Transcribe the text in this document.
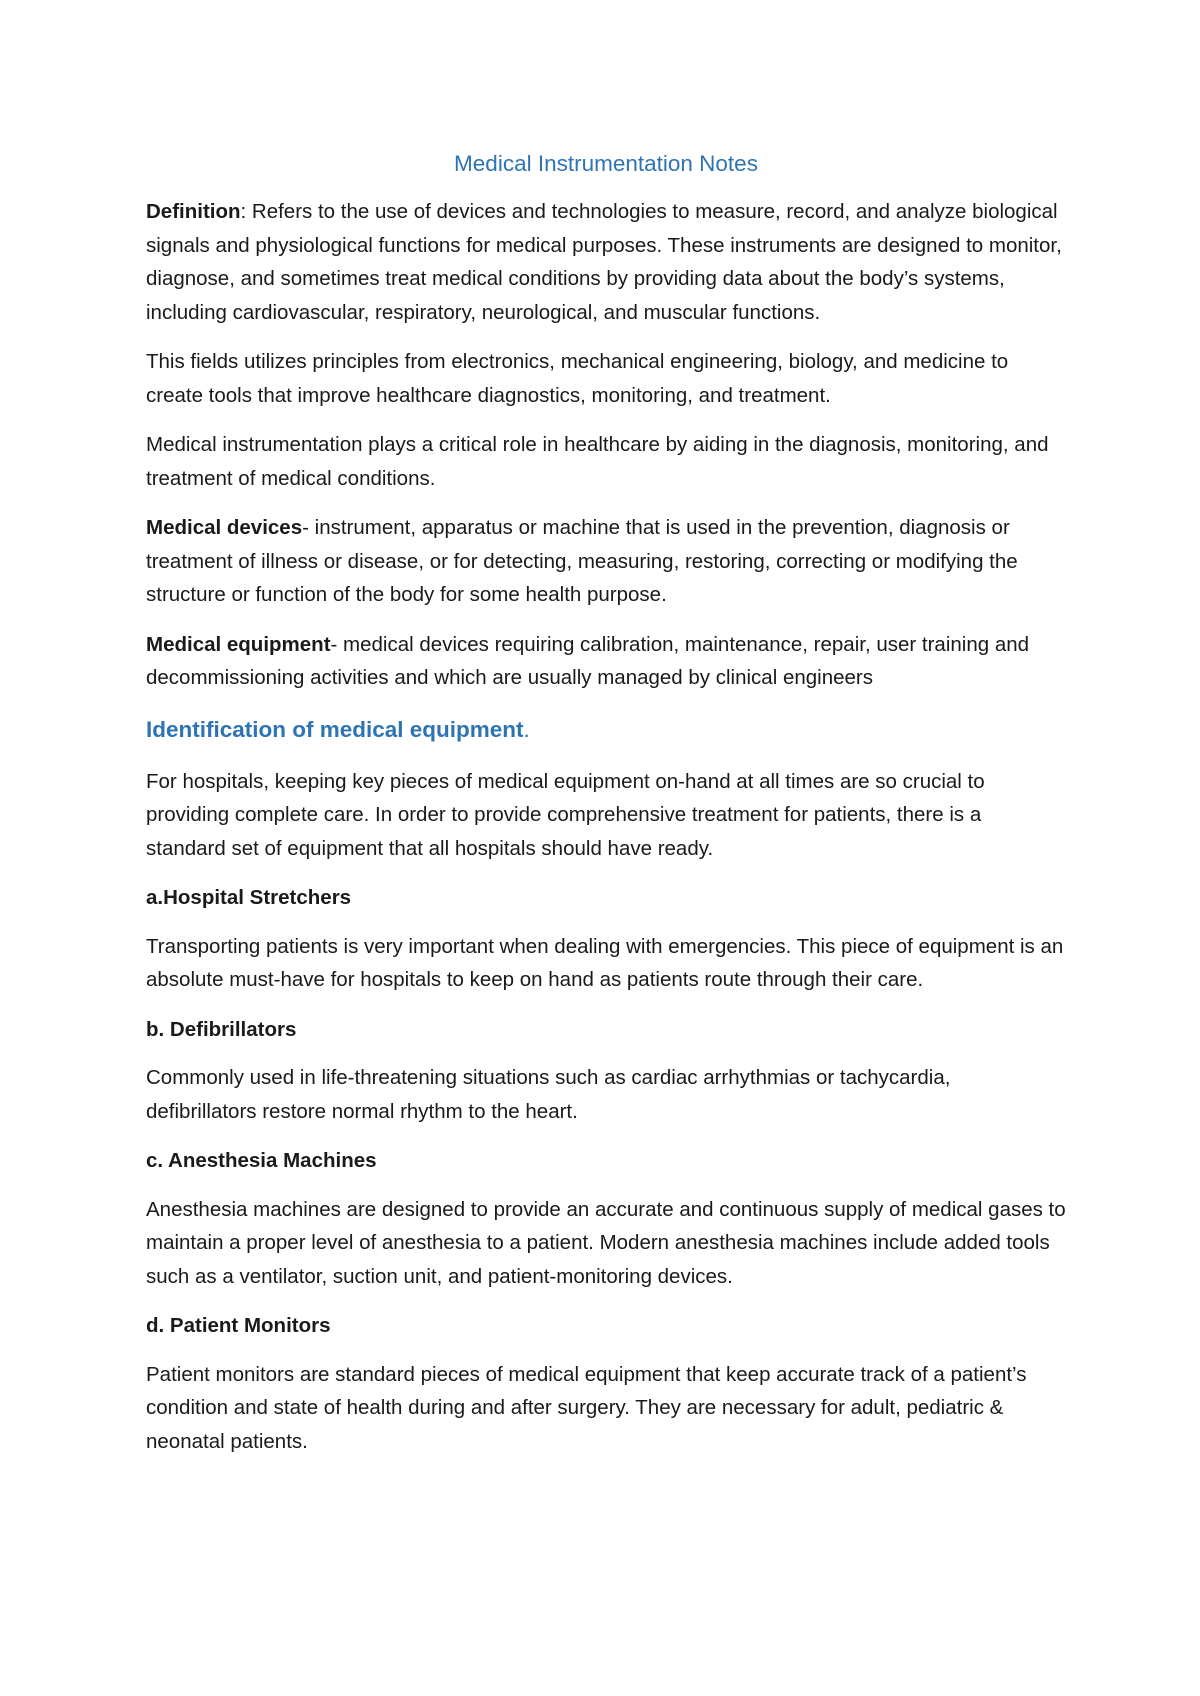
Medical Instrumentation Notes

Definition: Refers to the use of devices and technologies to measure, record, and analyze biological signals and physiological functions for medical purposes. These instruments are designed to monitor, diagnose, and sometimes treat medical conditions by providing data about the body’s systems, including cardiovascular, respiratory, neurological, and muscular functions.

This fields utilizes principles from electronics, mechanical engineering, biology, and medicine to create tools that improve healthcare diagnostics, monitoring, and treatment.

Medical instrumentation plays a critical role in healthcare by aiding in the diagnosis, monitoring, and treatment of medical conditions.

Medical devices- instrument, apparatus or machine that is used in the prevention, diagnosis or treatment of illness or disease, or for detecting, measuring, restoring, correcting or modifying the structure or function of the body for some health purpose.

Medical equipment- medical devices requiring calibration, maintenance, repair, user training and decommissioning activities and which are usually managed by clinical engineers

Identification of medical equipment.

For hospitals, keeping key pieces of medical equipment on-hand at all times are so crucial to providing complete care. In order to provide comprehensive treatment for patients, there is a standard set of equipment that all hospitals should have ready.

a.Hospital Stretchers

Transporting patients is very important when dealing with emergencies. This piece of equipment is an absolute must-have for hospitals to keep on hand as patients route through their care.

b. Defibrillators

Commonly used in life-threatening situations such as cardiac arrhythmias or tachycardia, defibrillators restore normal rhythm to the heart.

c. Anesthesia Machines

Anesthesia machines are designed to provide an accurate and continuous supply of medical gases to maintain a proper level of anesthesia to a patient. Modern anesthesia machines include added tools such as a ventilator, suction unit, and patient-monitoring devices.

d. Patient Monitors

Patient monitors are standard pieces of medical equipment that keep accurate track of a patient’s condition and state of health during and after surgery. They are necessary for adult, pediatric & neonatal patients.
